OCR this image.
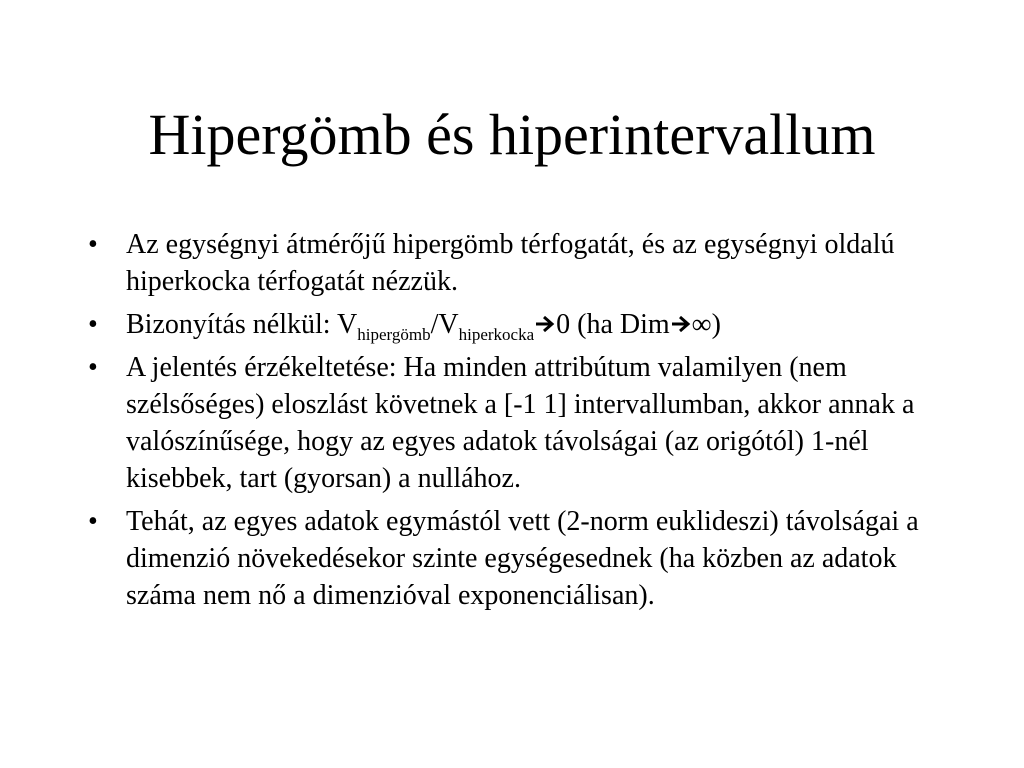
Hipergömb és hiperintervallum
•	Az egységnyi átmérőjű hipergömb térfogatát, és az egységnyi oldalú hiperkocka térfogatát nézzük.
•	Bizonyítás nélkül: $V_{hipergömb}/V_{hiperkocka}$ 0 (ha Dim ∞)
•	A jelentés érzékeltetése: Ha minden attribútum valamilyen (nem szélsőséges) eloszlást követnek a [-1 1] intervallumban, akkor annak a valószínűsége, hogy az egyes adatok távolságai (az origótól) 1-nél kisebbek, tart (gyorsan) a nullához.
•	Tehát, az egyes adatok egymástól vett (2-norm euklideszi) távolságai a dimenzió növekedésekor szinte egységesednek (ha közben az adatok száma nem nő a dimenzióval exponenciálisan).
